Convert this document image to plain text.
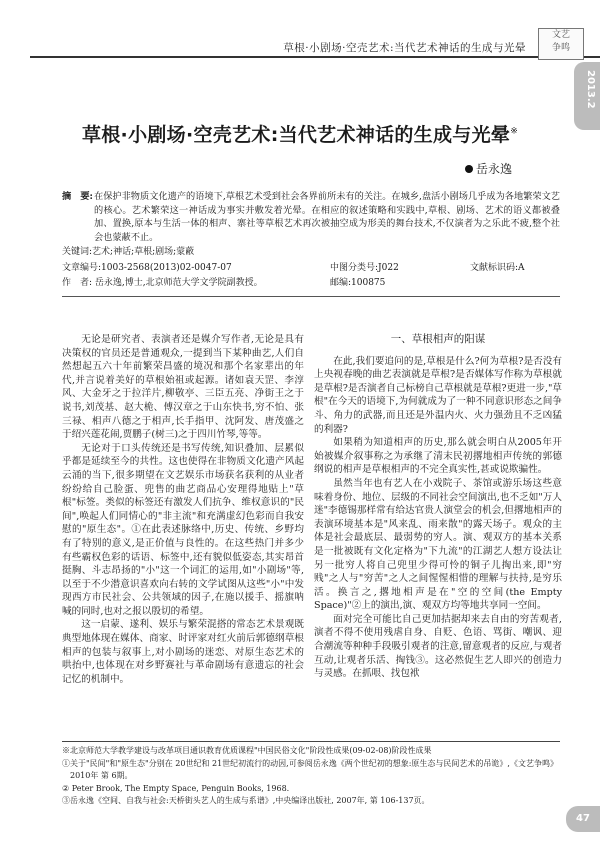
草根·小剧场·空壳艺术:当代艺术神话的生成与光晕
文艺
争鸣
2013.2
草根·小剧场·空壳艺术:当代艺术神话的生成与光晕※
岳永逸
摘　要: 在保护非物质文化遗产的语境下,草根艺术受到社会各界前所未有的关注。在城乡,盘活小剧场几乎成为各地繁荣文艺的核心。艺术繁荣这一神话成为事实并敷发着光晕。在相应的叙述策略和实践中,草根、剧场、艺术的语义都被叠加、置换,原本与生活一体的相声、寨社等草根艺术再次被抽空成为形美的舞台技术,不仅演者为之乐此不疲,整个社会也蒙蔽不止。
关键词:艺术;神话;草根;剧场;蒙蔽
文章编号:1003-2568(2013)02-0047-07	中图分类号:J022	文献标识码:A
作　者: 岳永逸,博士,北京师范大学文学院副教授。	邮编:100875

无论是研究者、表演者还是媒介写作者,无论是具有决策权的官员还是普通观众,一提到当下某种曲艺,人们自然想起五六十年前繁荣昌盛的境况和那个名家辈出的年代,并言说着美好的草根始祖或起源。诸如袁天罡、李淳风、大金牙之于拉洋片,柳敬亭、三臣五亮、净街王之于说书,刘茂基、赵大桅、傅汉章之于山东快书,穷不怕、张三禄、相声八德之于相声,长手指甲、沈阿发、唐茂盛之于绍兴莲花闹,贾鹏子(树三)之于四川竹琴,等等。

无论对于口头传统还是书写传统,知识叠加、层累似乎都是延续至今的共性。这也使得在非物质文化遗产风起云涌的当下,很多期望在文艺娱乐市场获名获利的从业者纷纷给自己脸蛋、兜售的曲艺商品心安理得地贴上"草根"标签。类似的标签还有激发人们抗争、维权意识的"民间",唤起人们同情心的"非主流"和充满虚幻色彩而自我安慰的"原生态"。①在此表述脉络中,历史、传统、乡野均有了特别的意义,是正价值与良性的。在这些热门并多少有些霸权色彩的话语、标签中,还有貌似低姿态,其实昂首挺胸、斗志昂扬的"小"这一个词汇的运用,如"小剧场"等,以至于不少潜意识喜欢向右转的文学试图从这些"小"中发现西方市民社会、公共领域的因子,在施以援手、摇旗呐喊的同时,也对之报以殷切的希望。

这一启蒙、遂利、娱乐与繁荣混搭的常态艺术景观既典型地体现在媒体、商家、时评家对红火前后郭德纲草根相声的包装与叙事上,对小剧场的迷恋、对原生态艺术的哄抬中,也体现在对乡野赛社与革命剧场有意遗忘的社会记忆的机制中。

一、草根相声的阳谋

在此,我们要追问的是,草根是什么?何为草根?是否没有上央视春晚的曲艺表演就是草根?是否媒体写作称为草根就是草根?是否演者自己标榜自己草根就是草根?更进一步,"草根"在今天的语境下,为何就成为了一种不同意识形态之间争斗、角力的武器,而且还是外温内火、火力强劲且不乏凶猛的利器?

如果稍为知道相声的历史,那么就会明白从2005年开始被媒介叙事称之为承继了清末民初撂地相声传统的郭德纲说的相声是草根相声的不完全真实性,甚或说欺骗性。

虽然当年也有艺人在小戏院子、茶馆或游乐场这些意味着身份、地位、层级的不同社会空间演出,也不乏如"万人迷"李德锡那样常有给达官贵人演堂会的机会,但撂地相声的表演环境基本是"风来乱、雨来散"的露天场子。观众的主体是社会最底层、最弱势的穷人。演、观双方的基本关系是一批被既有文化定格为"下九流"的江湖艺人想方设法让另一批穷人将自己兜里少得可怜的铜子儿掏出来,即"穷贱"之人与"穷苦"之人之间惺惺相惜的理解与扶持,是穷乐活。换言之,撂地相声是在"空的空间(the Empty Space)"②上的演出,演、观双方均等地共享同一空间。

面对完全可能比自己更加拮据却来去自由的穷苦观者,演者不得不使用残虐自身、自贬、色语、骂街、嘲讽、迎合潮流等种种手段吸引观者的注意,留意观者的反应,与观者互动,让观者乐活、掏钱③。这必然促生艺人即兴的创造力与灵感。在抓哏、找包袱

※北京师范大学教学建设与改革项目通识教育优质课程"中国民俗文化"阶段性成果(09-02-08)阶段性成果
①关于"民间"和"原生态"分别在 20世纪和 21世纪初流行的动因,可参阅岳永逸《两个世纪初的想象:原生态与民间艺术的吊诡》,《文艺争鸣》
　2010年 第 6期。
② Peter Brook, The Empty Space, Penguin Books, 1968.
③岳永逸《空间、自我与社会:天桥街头艺人的生成与系谱》,中央编译出版社, 2007年, 第 106-137页。
47
